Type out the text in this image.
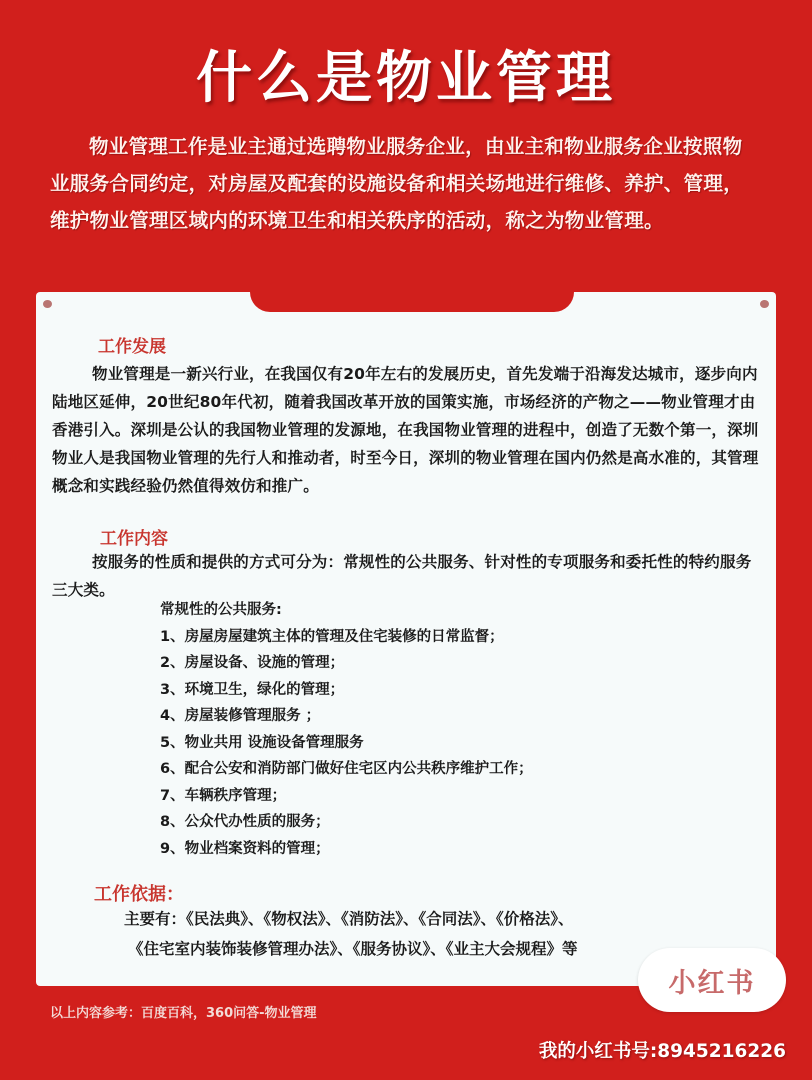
什么是物业管理
物业管理工作是业主通过选聘物业服务企业，由业主和物业服务企业按照物业服务合同约定，对房屋及配套的设施设备和相关场地进行维修、养护、管理，维护物业管理区域内的环境卫生和相关秩序的活动，称之为物业管理。
工作发展
物业管理是一新兴行业，在我国仅有20年左右的发展历史，首先发端于沿海发达城市，逐步向内陆地区延伸，20世纪80年代初，随着我国改革开放的国策实施，市场经济的产物之——物业管理才由香港引入。深圳是公认的我国物业管理的发源地，在我国物业管理的进程中，创造了无数个第一，深圳物业人是我国物业管理的先行人和推动者，时至今日，深圳的物业管理在国内仍然是高水准的，其管理概念和实践经验仍然值得效仿和推广。
工作内容
按服务的性质和提供的方式可分为：常规性的公共服务、针对性的专项服务和委托性的特约服务三大类。
常规性的公共服务:
1、房屋房屋建筑主体的管理及住宅装修的日常监督；
2、房屋设备、设施的管理；
3、环境卫生，绿化的管理；
4、房屋装修管理服务 ；
5、物业共用 设施设备管理服务
6、配合公安和消防部门做好住宅区内公共秩序维护工作；
7、车辆秩序管理；
8、公众代办性质的服务；
9、物业档案资料的管理；
工作依据：
主要有：《民法典》、《物权法》、《消防法》、《合同法》、《价格法》、
《住宅室内装饰装修管理办法》、《服务协议》、《业主大会规程》等
小红书
以上内容参考：百度百科，360问答-物业管理
我的小红书号:8945216226
